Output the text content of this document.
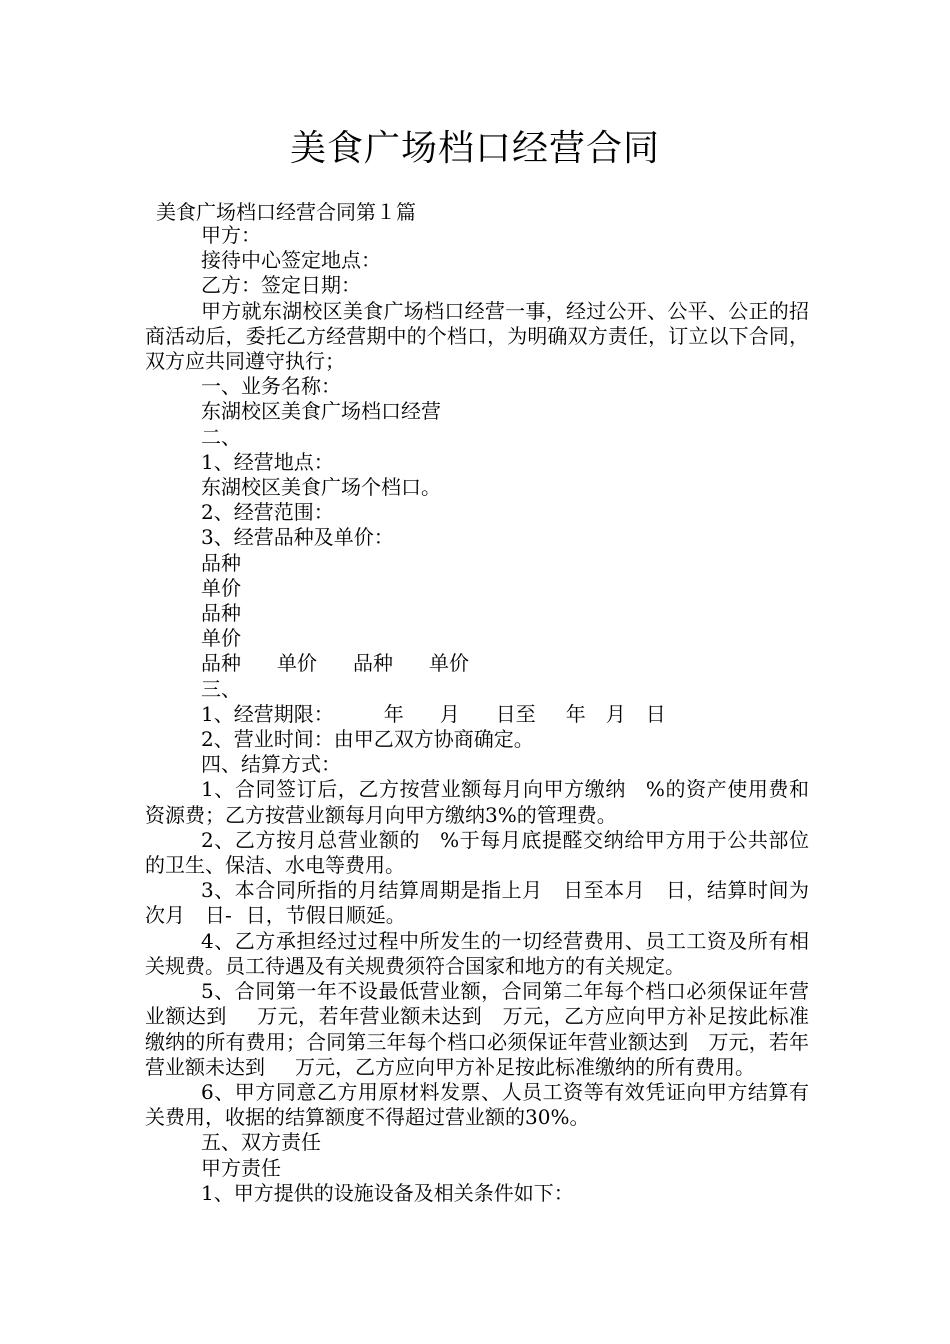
美食广场档口经营合同
美食广场档口经营合同第１篇

甲方：

接待中心签定地点：

乙方：签定日期：

甲方就东湖校区美食广场档口经营一事，经过公开、公平、公正的招商活动后，委托乙方经营期中的个档口，为明确双方责任，订立以下合同，双方应共同遵守执行；

一、业务名称：

东湖校区美食广场档口经营

二、

1、经营地点：

东湖校区美食广场个档口。

2、经营范围：

3、经营品种及单价：

品种

单价

品种

单价

品种 单价 品种 单价

三、

1、经营期限：	年 月 日至 年 月 日

2、营业时间：由甲乙双方协商确定。

四、结算方式：

1、合同签订后，乙方按营业额每月向甲方缴纳 %的资产使用费和资源费；乙方按营业额每月向甲方缴纳3%的管理费。

2、乙方按月总营业额的 %于每月底提醛交纳给甲方用于公共部位的卫生、保洁、水电等费用。

3、本合同所指的月结算周期是指上月 日至本月 日，结算时间为次月 日- 日，节假日顺延。

4、乙方承担经过过程中所发生的一切经营费用、员工工资及所有相关规费。员工待遇及有关规费须符合国家和地方的有关规定。

5、合同第一年不设最低营业额，合同第二年每个档口必须保证年营业额达到 万元，若年营业额未达到 万元，乙方应向甲方补足按此标准缴纳的所有费用；合同第三年每个档口必须保证年营业额达到 万元，若年营业额未达到 万元，乙方应向甲方补足按此标准缴纳的所有费用。

6、甲方同意乙方用原材料发票、人员工资等有效凭证向甲方结算有关费用，收据的结算额度不得超过营业额的30%。

五、双方责任

甲方责任

1、甲方提供的设施设备及相关条件如下：
